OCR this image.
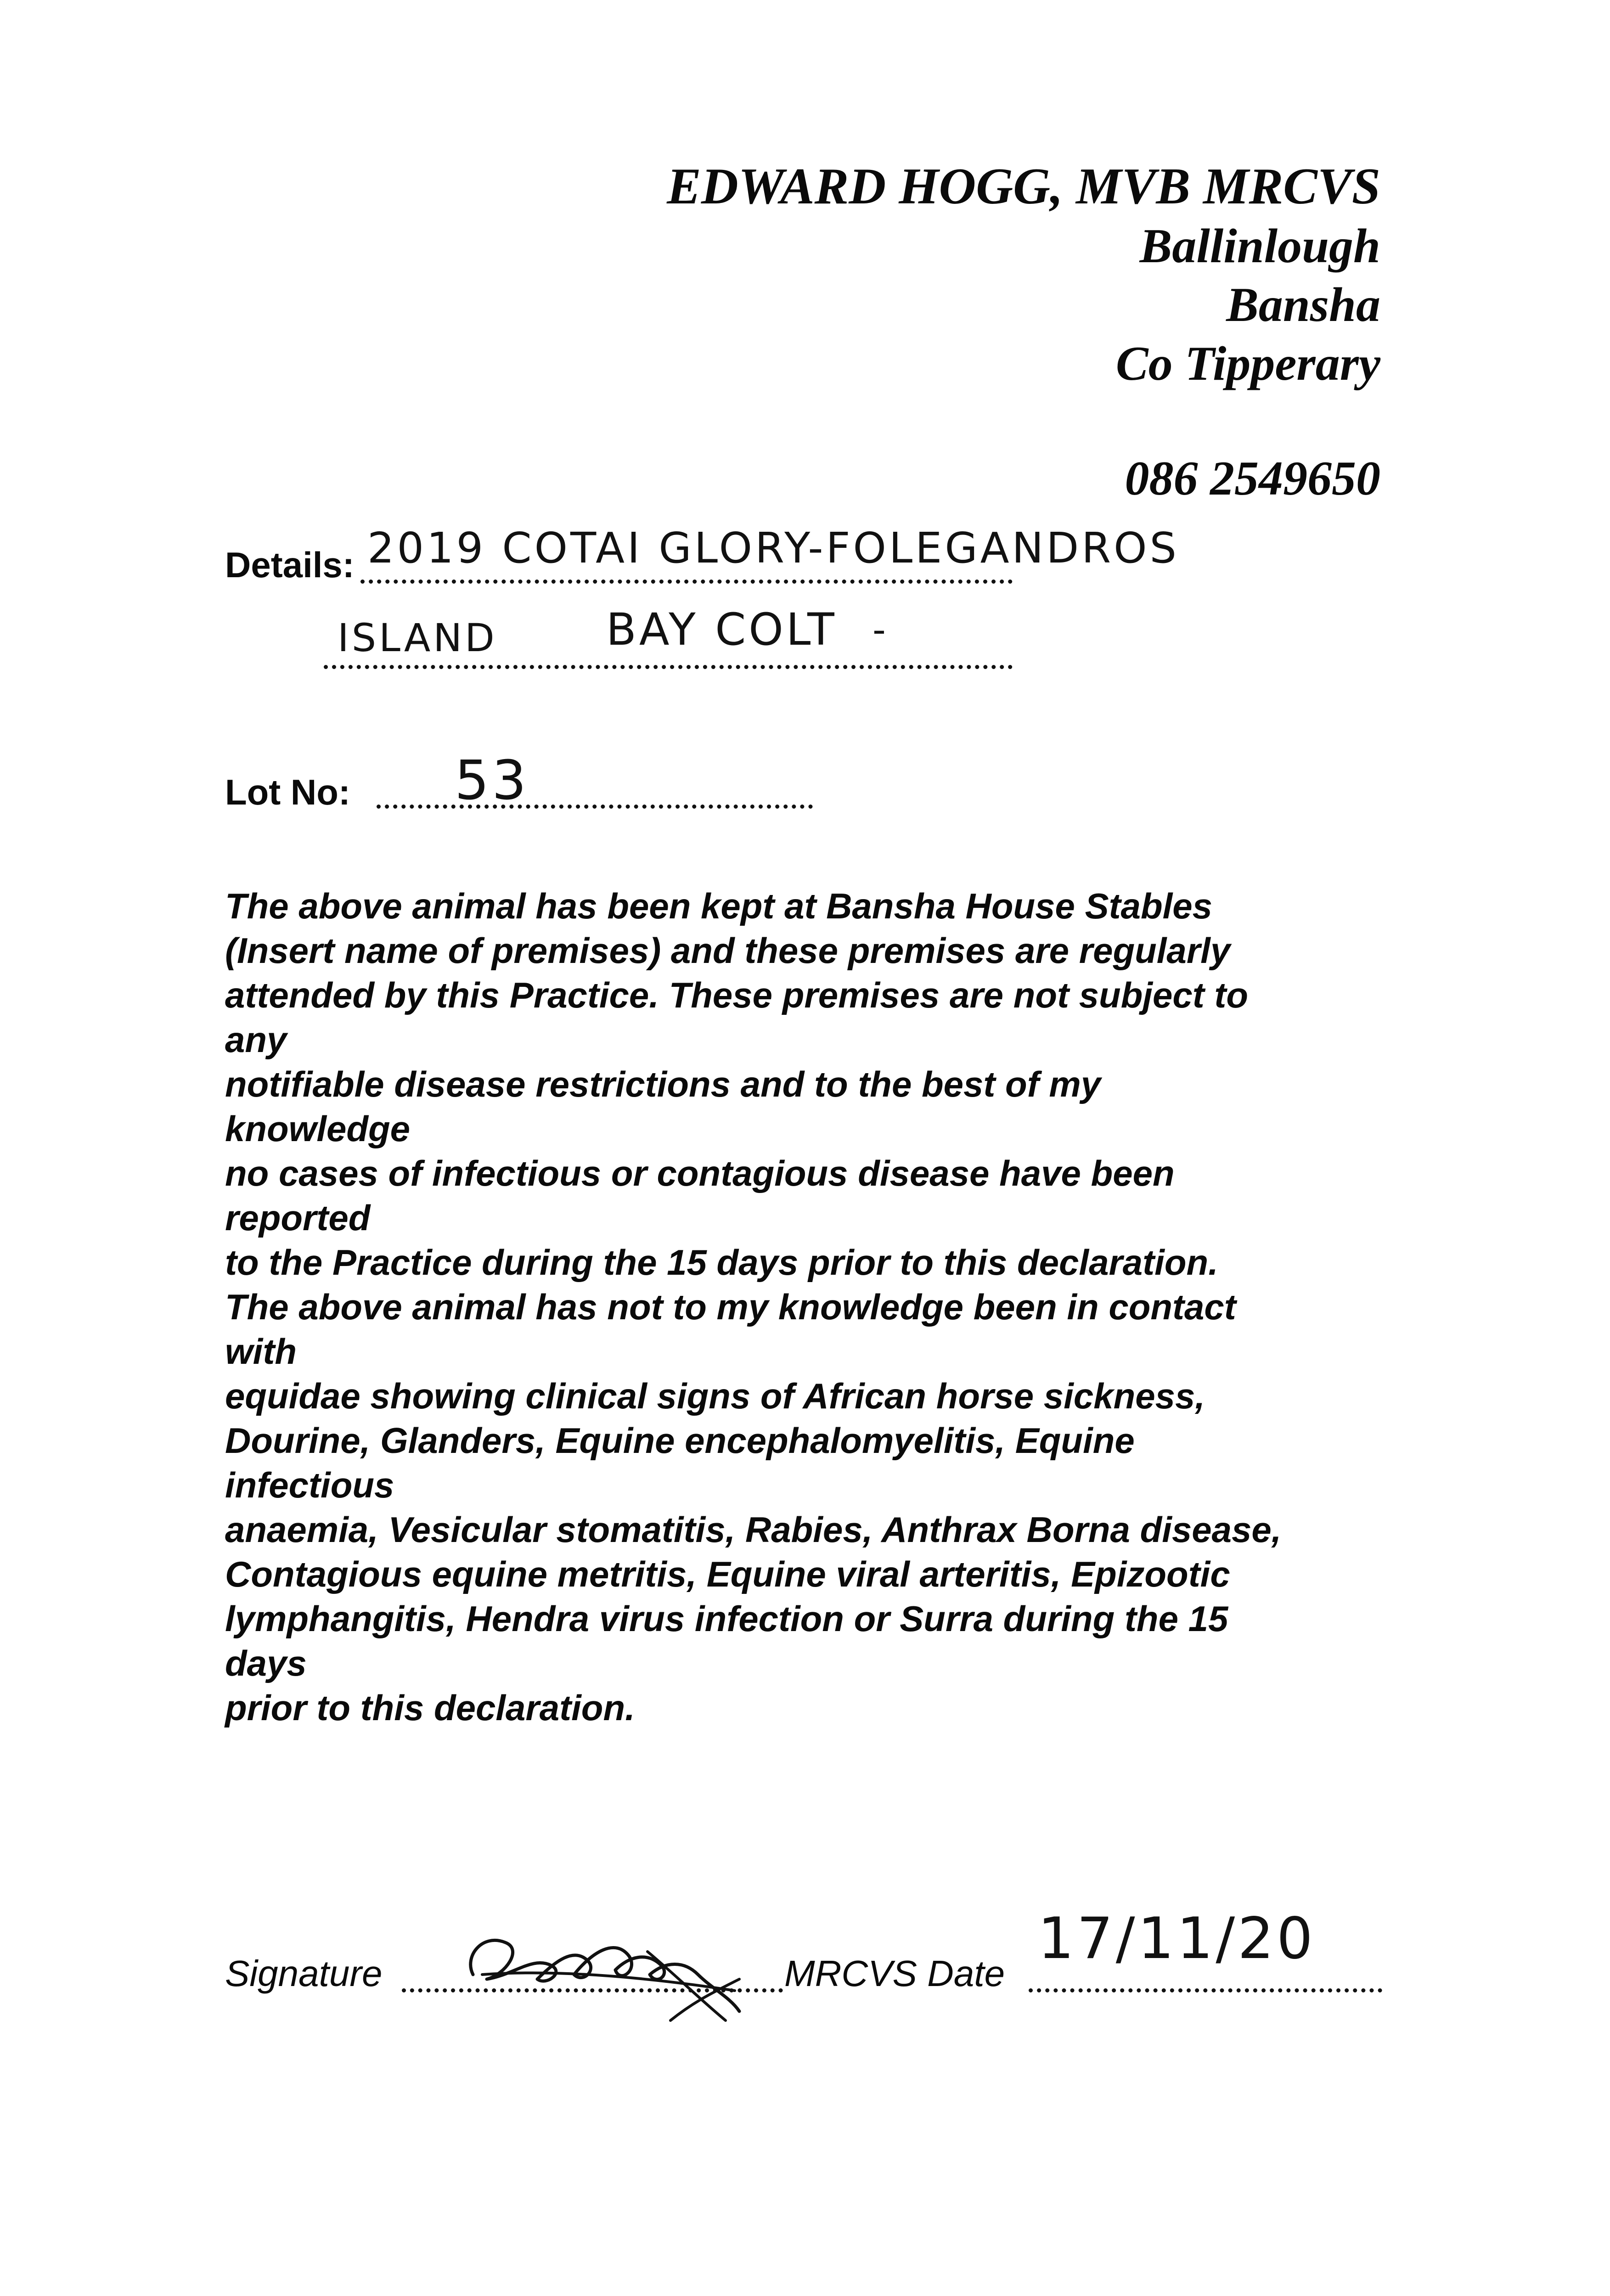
EDWARD HOGG, MVB MRCVS
Ballinlough
Bansha
Co Tipperary
086 2549650
Details: 2019 COTAI GLORY-FOLEGANDROS
ISLAND BAY COLT -
Lot No: 53
The above animal has been kept at Bansha House Stables
(Insert name of premises) and these premises are regularly
attended by this Practice. These premises are not subject to
any
notifiable disease restrictions and to the best of my
knowledge
no cases of infectious or contagious disease have been
reported
to the Practice during the 15 days prior to this declaration.
The above animal has not to my knowledge been in contact
with
equidae showing clinical signs of African horse sickness,
Dourine, Glanders, Equine encephalomyelitis, Equine
infectious
anaemia, Vesicular stomatitis, Rabies, Anthrax Borna disease,
Contagious equine metritis, Equine viral arteritis, Epizootic
lymphangitis, Hendra virus infection or Surra during the 15
days
prior to this declaration.
Signature	MRCVS Date
17/11/20
